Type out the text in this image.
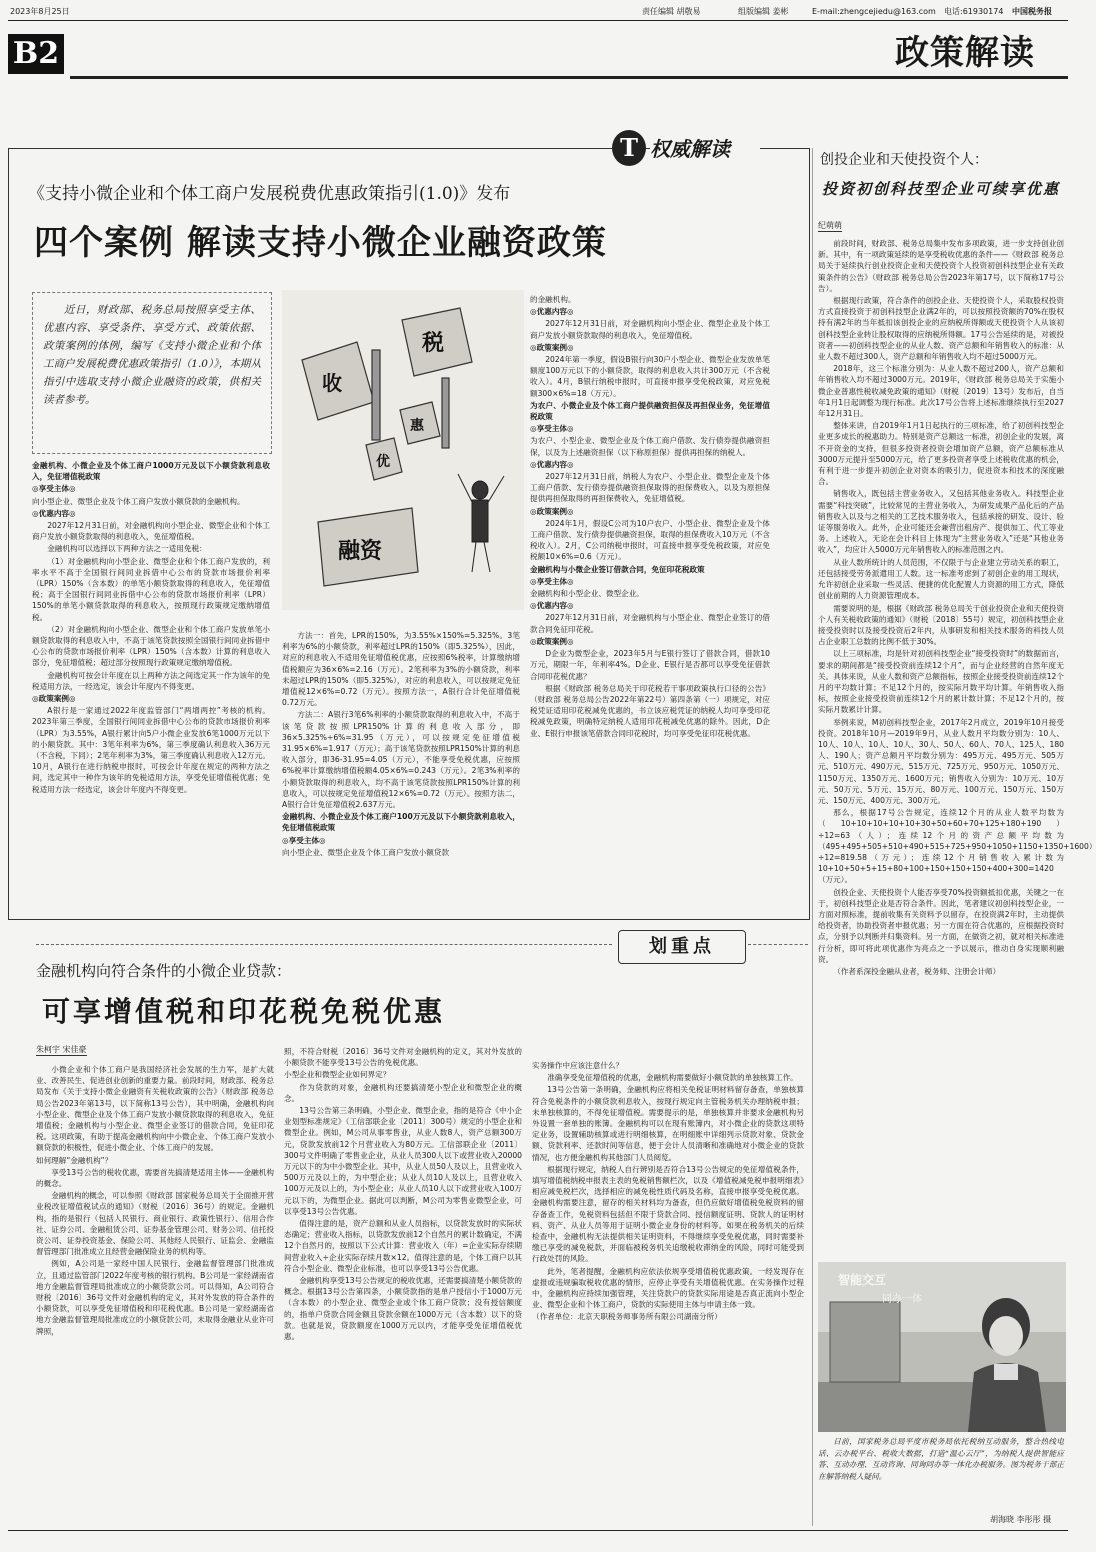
2023年8月25日	责任编辑 胡敬易	组版编辑 姜彬	E-mail:zhengcejiedu@163.com 电话:61930174 中国税务报
B2	政策解读
T 权威解读
《支持小微企业和个体工商户发展税费优惠政策指引(1.0)》发布
四个案例 解读支持小微企业融资政策
近日，财政部、税务总局按照享受主体、优惠内容、享受条件、享受方式、政策依据、政策案例的体例，编写《支持小微企业和个体工商户发展税费优惠政策指引（1.0）》，本期从指引中选取支持小微企业融资的政策，供相关读者参考。
收
税
优
惠
融资

金融机构、小微企业及个体工商户1000万元及以下小额贷款利息收入，免征增值税政策

◎享受主体◎

向小型企业、微型企业及个体工商户发放小额贷款的金融机构。

◎优惠内容◎

2027年12月31日前，对金融机构向小型企业、微型企业和个体工商户发放小额贷款取得的利息收入，免征增值税。

金融机构可以选择以下两种方法之一适用免税：

（1）对金融机构向小型企业、微型企业和个体工商户发放的，利率水平不高于全国银行间同业拆借中心公布的贷款市场报价利率（LPR）150%（含本数）的单笔小额贷款取得的利息收入，免征增值税；高于全国银行间同业拆借中心公布的贷款市场报价利率（LPR）150%的单笔小额贷款取得的利息收入，按照现行政策规定缴纳增值税。

（2）对金融机构向小型企业、微型企业和个体工商户发放单笔小额贷款取得的利息收入中，不高于该笔贷款按照全国银行间同业拆借中心公布的贷款市场报价利率（LPR）150%（含本数）计算的利息收入部分，免征增值税；超过部分按照现行政策规定缴纳增值税。

金融机构可按会计年度在以上两种方法之间选定其一作为该年的免税适用方法，一经选定，该会计年度内不得变更。

◎政策案例◎

A银行是一家通过2022年度监管部门“两增两控”考核的机构。2023年第三季度，全国银行间同业拆借中心公布的贷款市场报价利率（LPR）为3.55%，A银行累计向5户小微企业发放6笔1000万元以下的小额贷款。其中：3笔年利率为6%，第三季度确认利息收入36万元（不含税，下同）；2笔年利率为3%，第三季度确认利息收入12万元。10月，A银行在进行纳税申报时，可按会计年度在规定的两种方法之间，选定其中一种作为该年的免税适用方法，享受免征增值税优惠；免税适用方法一经选定，该会计年度内不得变更。

方法一：首先，LPR的150%，为3.55%×150%=5.325%。3笔利率为6%的小额贷款，利率超过LPR的150%（即5.325%），因此，对应的利息收入不适用免征增值税优惠，应按照6%税率，计算缴纳增值税额应为36×6%=2.16（万元）。2笔利率为3%的小额贷款，利率未超过LPR的150%（即5.325%），对应的利息收入，可以按规定免征增值税12×6%=0.72（万元）。按照方法一，A银行合计免征增值税0.72万元。

方法二：A银行3笔6%利率的小额贷款取得的利息收入中，不高于该笔贷款按照LPR150%计算的利息收入部分，即36×5.325%÷6%=31.95（万元），可以按规定免征增值税31.95×6%=1.917（万元）；高于该笔贷款按照LPR150%计算的利息收入部分，即36-31.95=4.05（万元），不能享受免税优惠，应按照6%税率计算缴纳增值税额4.05×6%=0.243（万元）。2笔3%利率的小额贷款取得的利息收入，均不高于该笔贷款按照LPR150%计算的利息收入，可以按规定免征增值税12×6%=0.72（万元）。按照方法二，A银行合计免征增值税2.637万元。

金融机构、小微企业及个体工商户100万元及以下小额贷款利息收入，免征增值税政策

◎享受主体◎

向小型企业、微型企业及个体工商户发放小额贷款

的金融机构。

◎优惠内容◎

2027年12月31日前，对金融机构向小型企业、微型企业及个体工商户发放小额贷款取得的利息收入，免征增值税。

◎政策案例◎

2024年第一季度，假设B银行向30户小型企业、微型企业发放单笔额度100万元以下的小额贷款，取得的利息收入共计300万元（不含税收入）。4月，B银行纳税申报时，可直接申报享受免税政策，对应免税额300×6%=18（万元）。

为农户、小微企业及个体工商户提供融资担保及再担保业务，免征增值税政策

◎享受主体◎

为农户、小型企业、微型企业及个体工商户借款、发行债券提供融资担保，以及为上述融资担保（以下称原担保）提供再担保的纳税人。

◎优惠内容◎

2027年12月31日前，纳税人为农户、小型企业、微型企业及个体工商户借款、发行债券提供融资担保取得的担保费收入，以及为原担保提供再担保取得的再担保费收入，免征增值税。

◎政策案例◎

2024年1月，假设C公司为10户农户、小型企业、微型企业及个体工商户借款、发行债券提供融资担保，取得的担保费收入10万元（不含税收入）。2月，C公司纳税申报时，可直接申报享受免税政策，对应免税额10×6%=0.6（万元）。

金融机构与小微企业签订借款合同，免征印花税政策

◎享受主体◎

金融机构和小型企业、微型企业。

◎优惠内容◎

2027年12月31日前，对金融机构与小型企业、微型企业签订的借款合同免征印花税。

◎政策案例◎

D企业为微型企业，2023年5月与E银行签订了借款合同，借款10万元，期限一年，年利率4%。D企业、E银行是否都可以享受免征借款合同印花税优惠？

根据《财政部 税务总局关于印花税若干事项政策执行口径的公告》（财政部 税务总局公告2022年第22号）第四条第（一）项规定，对应税凭证适用印花税减免优惠的，书立该应税凭证的纳税人均可享受印花税减免政策，明确特定纳税人适用印花税减免优惠的除外。因此，D企业、E银行申报该笔借款合同印花税时，均可享受免征印花税优惠。

划重点
金融机构向符合条件的小微企业贷款：
可享增值税和印花税免税优惠
朱柯宇 宋佳豪

小微企业和个体工商户是我国经济社会发展的生力军，是扩大就业、改善民生、促进创业创新的重要力量。前段时间，财政部、税务总局发布《关于支持小微企业融资有关税收政策的公告》（财政部 税务总局公告2023年第13号，以下简称13号公告），其中明确，金融机构向小型企业、微型企业及个体工商户发放小额贷款取得的利息收入，免征增值税；金融机构与小型企业、微型企业签订的借款合同，免征印花税。这项政策，有助于提高金融机构向中小微企业、个体工商户发放小额贷款的积极性，促进小微企业、个体工商户的发展。

如何理解“金融机构”？

享受13号公告的税收优惠，需要首先搞清楚适用主体——金融机构的概念。

金融机构的概念，可以参照《财政部 国家税务总局关于全面推开营业税改征增值税试点的通知》（财税〔2016〕36号）的规定。金融机构，指的是银行（包括人民银行、商业银行、政策性银行）、信用合作社、证券公司、金融租赁公司、证券基金管理公司、财务公司、信托投资公司、证券投资基金、保险公司、其他经人民银行、证监会、金融监督管理部门批准成立且经营金融保险业务的机构等。

例如，A公司是一家经中国人民银行、金融监督管理部门批准成立，且通过监管部门2022年度考核的银行机构。B公司是一家经湖南省地方金融监督管理局批准成立的小额贷款公司。可以得知，A公司符合财税〔2016〕36号文件对金融机构的定义，其对外发放的符合条件的小额贷款，可以享受免征增值税和印花税优惠。B公司是一家经湖南省地方金融监督管理局批准成立的小额贷款公司，未取得金融业从业许可牌照，

照，不符合财税〔2016〕36号文件对金融机构的定义，其对外发放的小额贷款不能享受13号公告的免税优惠。

小型企业和微型企业如何界定？

作为贷款的对象，金融机构还要搞清楚小型企业和微型企业的概念。

13号公告第三条明确，小型企业、微型企业，指的是符合《中小企业划型标准规定》（工信部联企业〔2011〕300号）规定的小型企业和微型企业。例如，M公司从事零售业，从业人数8人，资产总额300万元，贷款发放前12个月营业收入为80万元。工信部联企业〔2011〕300号文件明确了零售业企业，从业人员300人以下或营业收入20000万元以下的为中小微型企业。其中，从业人员50人及以上，且营业收入500万元及以上的，为中型企业；从业人员10人及以上，且营业收入100万元及以上的，为小型企业；从业人员10人以下或营业收入100万元以下的，为微型企业。据此可以判断，M公司为零售业微型企业，可以享受13号公告优惠。

值得注意的是，资产总额和从业人员指标，以贷款发放时的实际状态确定；营业收入指标，以贷款发放前12个自然月的累计数确定，不满12个自然月的，按照以下公式计算：营业收入（年）=企业实际存续期间营业收入÷企业实际存续月数×12。值得注意的是，个体工商户以其符合小型企业、微型企业标准，也可以享受13号公告优惠。

金融机构享受13号公告规定的税收优惠，还需要搞清楚小额贷款的概念。根据13号公告第四条，小额贷款指的是单户授信小于1000万元（含本数）的小型企业、微型企业或个体工商户贷款；没有授信额度的，指单户贷款合同金额且贷款余额在1000万元（含本数）以下的贷款。也就是说，贷款额度在1000万元以内，才能享受免征增值税优惠。

实务操作中应该注意什么？

准确享受免征增值税的优惠，金融机构需要做好小额贷款的单独核算工作。

13号公告第一条明确，金融机构应将相关免税证明材料留存备查，单独核算符合免税条件的小额贷款利息收入，按现行规定向主管税务机关办理纳税申报；未单独核算的，不得免征增值税。需要提示的是，单独核算并非要求金融机构另外设置一套单独的账簿。金融机构可以在现有账簿内，对小微企业的贷款这项特定业务，设置辅助核算或进行明细核算，在明细账中详细列示贷款对象、贷款金额、贷款利率、还款时间等信息，便于会计人员清晰和准确地对小微企业的贷款情况，也方便金融机构其他部门人员阅览。

根据现行规定，纳税人自行辨别是否符合13号公告规定的免征增值税条件，填写增值税纳税申报表主表的免税销售额栏次，以及《增值税减免税申报明细表》相应减免税栏次，选择相应的减免税性质代码及名称，直接申报享受免税优惠。金融机构需要注意，留存的相关材料均为备查，但仍应做好增值税免税资料的留存备查工作，免税资料包括但不限于贷款合同、授信额度证明、贷款人的证明材料、资产、从业人员等用于证明小微企业身份的材料等。如果在税务机关的后续检查中，金融机构无法提供相关证明资料，不得继续享受免税优惠，同时需要补缴已享受的减免税款，并面临被税务机关追缴税收滞纳金的风险，同时可能受到行政处罚的风险。

此外，笔者提醒，金融机构应依法依规享受增值税优惠政策。一经发现存在虚报或违规骗取税收优惠的情形，应停止享受有关增值税优惠。在实务操作过程中，金融机构应持续加强管理，关注贷款户的贷款实际用途是否真正流向小型企业、微型企业和个体工商户，贷款的实际使用主体与申请主体一致。

（作者单位：北京天职税务师事务所有限公司湖南分所）

创投企业和天使投资个人：
投资初创科技型企业可续享优惠
纪萌萌

前段时间，财政部、税务总局集中发布多项政策，进一步支持创业创新。其中，有一项政策延续的是享受税收优惠的条件——《财政部 税务总局关于延续执行创业投资企业和天使投资个人投资初创科技型企业有关政策条件的公告》（财政部 税务总局公告2023年第17号，以下简称17号公告）。

根据现行政策，符合条件的创投企业、天使投资个人，采取股权投资方式直接投资于初创科技型企业满2年的，可以按照投资额的70%在股权持有满2年的当年抵扣该创投企业的应纳税所得额或天使投资个人从该初创科技型企业转让股权取得的应纳税所得额。17号公告延续的是，对被投资者——初创科技型企业的从业人数、资产总额和年销售收入的标准：从业人数不超过300人，资产总额和年销售收入均不超过5000万元。

2018年，这三个标准分别为：从业人数不超过200人，资产总额和年销售收入均不超过3000万元。2019年，《财政部 税务总局关于实施小微企业普惠性税收减免政策的通知》（财税〔2019〕13号）发布后，自当年1月1日起调整为现行标准。此次17号公告将上述标准继续执行至2027年12月31日。

整体来讲，自2019年1月1日起执行的三项标准，给了初创科技型企业更多成长的税惠助力。特别是资产总额这一标准，初创企业的发展，离不开资金的支持，但很多投资者投资会增加资产总额，资产总额标准从3000万元提升至5000万元，给了更多投资者享受上述税收优惠的机会，有利于进一步提升初创企业对资本的吸引力，促进资本和技术的深度融合。

销售收入，既包括主营业务收入，又包括其他业务收入。科技型企业需要“科技突破”，比较常见的主营业务收入，为研发成果产品化后的产品销售收入以及与之相关的工艺技术服务收入，包括承接的研发、设计、验证等服务收入。此外，企业可能还会兼营出租房产、提供加工、代工等业务。上述收入，无论在会计科目上体现为“主营业务收入”还是“其他业务收入”，均应计入5000万元年销售收入的标准范围之内。

从业人数所统计的人员范围，不仅限于与企业建立劳动关系的职工，还包括接受劳务派遣用工人数。这一标准考虑到了初创企业的用工现状，允许初创企业采取一些灵活、便捷的优化配置人力资源的用工方式，降低创业前期的人力资源管理成本。

需要说明的是，根据《财政部 税务总局关于创业投资企业和天使投资个人有关税收政策的通知》（财税〔2018〕55号）规定，初创科技型企业接受投资时以及接受投资后2年内，从事研发和相关技术服务的科技人员占企业职工总数的比例不低于30%。

以上三项标准，均是针对初创科技型企业“接受投资时”的数据而言，要求的期间都是“接受投资前连续12个月”，而与企业经营的自然年度无关。具体来说，从业人数和资产总额指标，按照企业接受投资前连续12个月的平均数计算；不足12个月的，按实际月数平均计算。年销售收入指标，按照企业接受投资前连续12个月的累计数计算；不足12个月的，按实际月数累计计算。

举例来说，M初创科技型企业，2017年2月成立，2019年10月接受投资。2018年10月—2019年9月，从业人数月平均数分别为：10人、10人、10人、10人、10人、30人、50人、60人、70人、125人、180人、190人；资产总额月平均数分别为：495万元、495万元、505万元、510万元、490万元、515万元、725万元、950万元、1050万元、1150万元、1350万元、1600万元；销售收入分别为：10万元、10万元、50万元、5万元、15万元、80万元、100万元、150万元、150万元、150万元、400万元、300万元。

那么，根据17号公告规定，连续12个月的从业人数平均数为（10+10+10+10+10+30+50+60+70+125+180+190）÷12=63（人）；连续12个月的资产总额平均数为（495+495+505+510+490+515+725+950+1050+1150+1350+1600）÷12=819.58（万元）；连续12个月销售收入累计数为10+10+50+5+15+80+100+150+150+150+400+300=1420（万元）。

创投企业、天使投资个人能否享受70%投资额抵扣优惠，关键之一在于，初创科技型企业是否符合条件。因此，笔者建议初创科技型企业，一方面对照标准，提前收集有关资料予以留存，在投资满2年时，主动提供给投资者，协助投资者申报优惠；另一方面在符合优惠的，应根据投资时点，分别予以判断并归集资料。另一方面，在做资之初，就对相关标准进行分析，即可将此项优惠作为亮点之一予以展示，推动自身实现顺利融资。

（作者系深投金融从业者，税务师、注册会计师）

智能交互
同办一体
日前，国家税务总局平度市税务局依托税纳互动服务，整合热线电话、云办税平台、税收大数据，打造“温心云厅”，为纳税人提供智能应答、互动办理、互动咨询、同询同办等一体化办税服务。图为税务干部正在解答纳税人疑问。
胡海晓 李彤彤 摄
